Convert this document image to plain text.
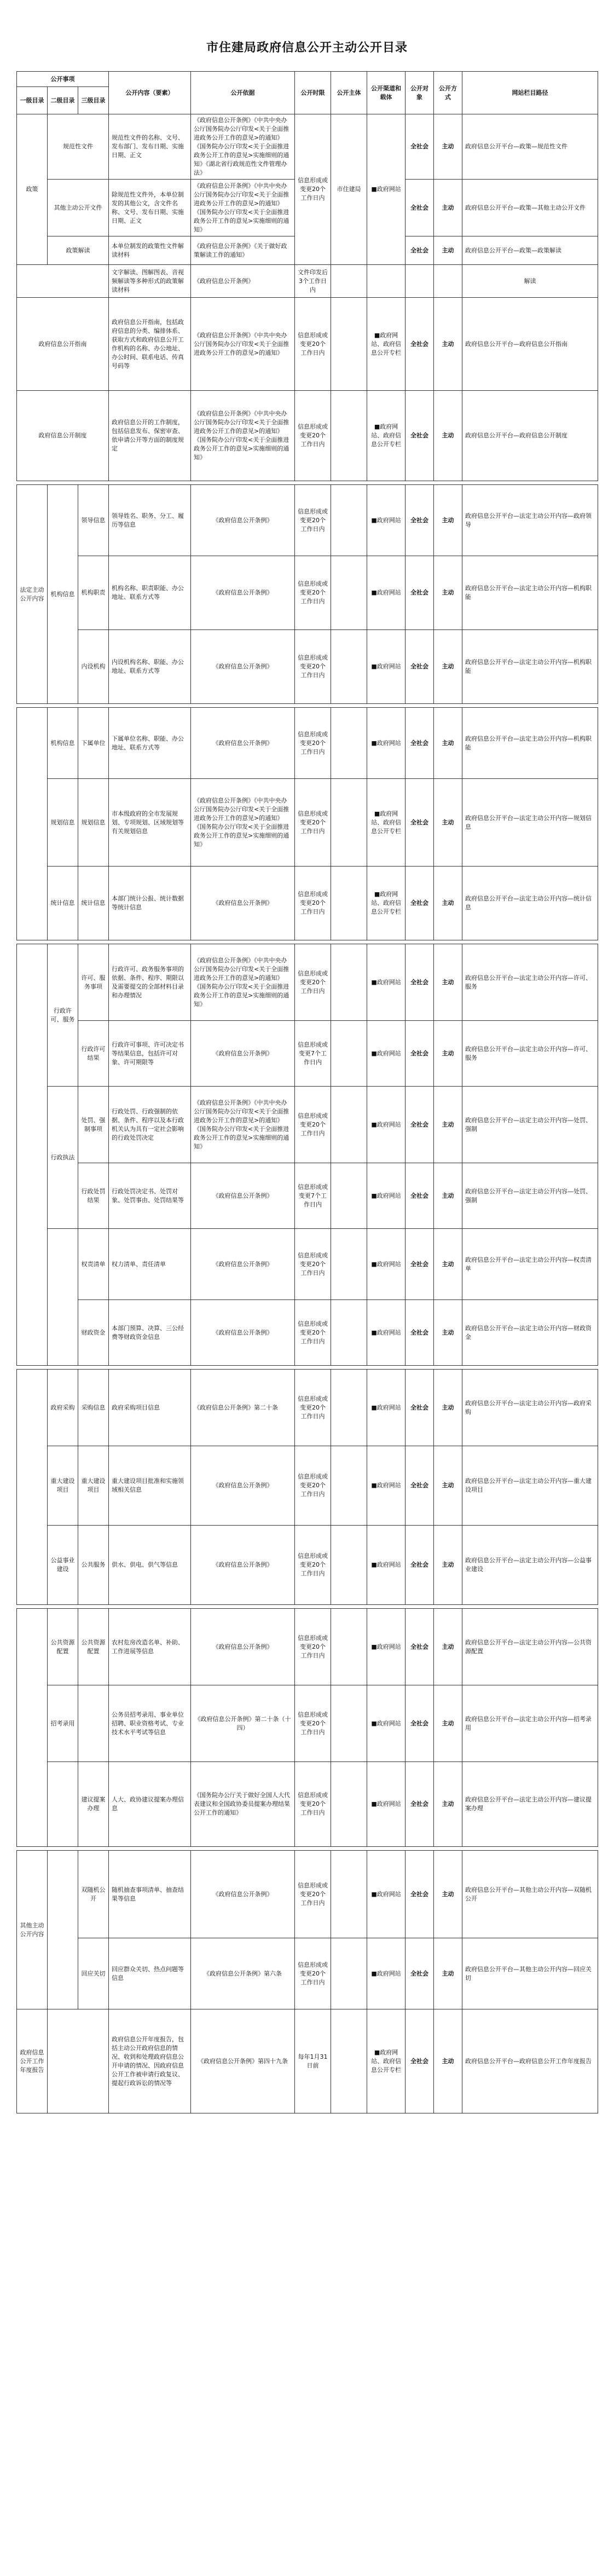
市住建局政府信息公开主动公开目录
公开事项			公开内容（要素）	公开依据	公开时限	公开主体	公开渠道和载体	公开对象	公开方式	网站栏目路径
一级目录	二级目录	三级目录								
政策	规范性文件		规范性文件的名称、文号、发布部门、发布日期、实施日期、正文	《政府信息公开条例》《中共中央办公厅国务院办公厅印发<关于全面推进政务公开工作的意见>的通知》《国务院办公厅印发<关于全面推进政务公开工作的意见>实施细则的通知》《湖北省行政规范性文件管理办法》	信息形成或变更20个工作日内	市住建局	■政府网站	全社会	主动	政府信息公开平台—政策—规范性文件
	其他主动公开文件		除规范性文件外，本单位制发的其他公文，含文件名称、文号、发布日期、实施日期、正文	《政府信息公开条例》《中共中央办公厅国务院办公厅印发<关于全面推进政务公开工作的意见>的通知》《国务院办公厅印发<关于全面推进政务公开工作的意见>实施细则的通知》				全社会	主动	政府信息公开平台—政策—其他主动公开文件
	政策解读		本单位制发的政策性文件解读材料	《政府信息公开条例》《关于做好政策解读工作的通知》				全社会	主动	政府信息公开平台—政策—政策解读
			文字解读、图解图表、音视频解读等多种形式的政策解读材料	《政府信息公开条例》	文件印发后3个工作日内					解读
政府信息公开指南			政府信息公开指南，包括政府信息的分类、编排体系、获取方式和政府信息公开工作机构的名称、办公地址、办公时间、联系电话、传真号码等	《政府信息公开条例》《中共中央办公厅国务院办公厅印发<关于全面推进政务公开工作的意见>的通知》	信息形成或变更20个工作日内		■政府网站、政府信息公开专栏	全社会	主动	政府信息公开平台—政府信息公开指南
政府信息公开制度			政府信息公开的工作制度，包括信息发布、保密审查、依申请公开等方面的制度规定	《政府信息公开条例》《中共中央办公厅国务院办公厅印发<关于全面推进政务公开工作的意见>的通知》《国务院办公厅印发<关于全面推进政务公开工作的意见>实施细则的通知》	信息形成或变更20个工作日内		■政府网站、政府信息公开专栏	全社会	主动	政府信息公开平台—政府信息公开制度

法定主动公开内容	机构信息	领导信息	领导姓名、职务、分工、履历等信息	《政府信息公开条例》	信息形成或变更20个工作日内		■政府网站	全社会	主动	政府信息公开平台—法定主动公开内容—政府领导
		机构职责	机构名称、职责职能、办公地址、联系方式等	《政府信息公开条例》	信息形成或变更20个工作日内		■政府网站	全社会	主动	政府信息公开平台—法定主动公开内容—机构职能
		内设机构	内设机构名称、职能、办公地址、联系方式等	《政府信息公开条例》	信息形成或变更20个工作日内		■政府网站	全社会	主动	政府信息公开平台—法定主动公开内容—机构职能

	机构信息	下属单位	下属单位名称、职能、办公地址、联系方式等	《政府信息公开条例》	信息形成或变更20个工作日内		■政府网站	全社会	主动	政府信息公开平台—法定主动公开内容—机构职能
	规划信息	规划信息	市本级政府的全市发展规划、专项规划、区域规划等有关规划信息	《政府信息公开条例》《中共中央办公厅国务院办公厅印发<关于全面推进政务公开工作的意见>的通知》《国务院办公厅印发<关于全面推进政务公开工作的意见>实施细则的通知》	信息形成或变更20个工作日内		■政府网站、政府信息公开专栏	全社会	主动	政府信息公开平台—法定主动公开内容—规划信息
	统计信息	统计信息	本部门统计公报、统计数据等统计信息	《政府信息公开条例》	信息形成或变更20个工作日内		■政府网站、政府信息公开专栏	全社会	主动	政府信息公开平台—法定主动公开内容—统计信息

	行政许可、服务	许可、服务事项	行政许可、政务服务事项的依据、条件、程序、期限以及需要提交的全部材料目录和办理情况	《政府信息公开条例》《中共中央办公厅国务院办公厅印发<关于全面推进政务公开工作的意见>的通知》《国务院办公厅印发<关于全面推进政务公开工作的意见>实施细则的通知》	信息形成或变更20个工作日内		■政府网站	全社会	主动	政府信息公开平台—法定主动公开内容—许可、服务
		行政许可结果	行政许可事项、许可决定书等结果信息，包括许可对象、许可期限等	《政府信息公开条例》	信息形成或变更7个工作日内		■政府网站	全社会	主动	政府信息公开平台—法定主动公开内容—许可、服务
	行政执法	处罚、强制事项	行政处罚、行政强制的依据、条件、程序以及本行政机关认为具有一定社会影响的行政处罚决定	《政府信息公开条例》《中共中央办公厅国务院办公厅印发<关于全面推进政务公开工作的意见>的通知》《国务院办公厅印发<关于全面推进政务公开工作的意见>实施细则的通知》	信息形成或变更20个工作日内		■政府网站	全社会	主动	政府信息公开平台—法定主动公开内容—处罚、强制
		行政处罚结果	行政处罚决定书、处罚对象、处罚事由、处罚结果等	《政府信息公开条例》	信息形成或变更7个工作日内		■政府网站	全社会	主动	政府信息公开平台—法定主动公开内容—处罚、强制
		权责清单	权力清单、责任清单	《政府信息公开条例》	信息形成或变更20个工作日内		■政府网站	全社会	主动	政府信息公开平台—法定主动公开内容—权责清单
		财政资金	本部门预算、决算、三公经费等财政资金信息	《政府信息公开条例》	信息形成或变更20个工作日内		■政府网站	全社会	主动	政府信息公开平台—法定主动公开内容—财政资金

	政府采购	采购信息	政府采购项目信息	《政府信息公开条例》第二十条	信息形成或变更20个工作日内		■政府网站	全社会	主动	政府信息公开平台—法定主动公开内容—政府采购
	重大建设项目	重大建设项目	重大建设项目批准和实施领域相关信息	《政府信息公开条例》	信息形成或变更20个工作日内		■政府网站	全社会	主动	政府信息公开平台—法定主动公开内容—重大建设项目
	公益事业建设	公共服务	供水、供电、供气等信息	《政府信息公开条例》	信息形成或变更20个工作日内		■政府网站	全社会	主动	政府信息公开平台—法定主动公开内容—公益事业建设

	公共资源配置	公共资源配置	农村危房改造名单、补助、工作进展等信息	《政府信息公开条例》	信息形成或变更20个工作日内		■政府网站	全社会	主动	政府信息公开平台—法定主动公开内容—公共资源配置
	招考录用		公务员招考录用、事业单位招聘、职业资格考试、专业技术水平考试等信息	《政府信息公开条例》第二十条（十四）	信息形成或变更20个工作日内		■政府网站	全社会	主动	政府信息公开平台—法定主动公开内容—招考录用
		建议提案办理	人大、政协建议提案办理信息	《国务院办公厅关于做好全国人大代表建议和全国政协委员提案办理结果公开工作的通知》	信息形成或变更20个工作日内		■政府网站	全社会	主动	政府信息公开平台—法定主动公开内容—建议提案办理

其他主动公开内容		双随机公开	随机抽查事项清单、抽查结果等信息	《政府信息公开条例》	信息形成或变更20个工作日内		■政府网站	全社会	主动	政府信息公开平台—其他主动公开内容—双随机公开
		回应关切	回应群众关切、热点问题等信息	《政府信息公开条例》第六条	信息形成或变更20个工作日内		■政府网站	全社会	主动	政府信息公开平台—其他主动公开内容—回应关切
政府信息公开工作年度报告			政府信息公开年度报告，包括主动公开政府信息的情况、收到和处理政府信息公开申请的情况、因政府信息公开工作被申请行政复议、提起行政诉讼的情况等	《政府信息公开条例》第四十九条	每年1月31日前		■政府网站、政府信息公开专栏	全社会	主动	政府信息公开平台—政府信息公开工作年度报告
